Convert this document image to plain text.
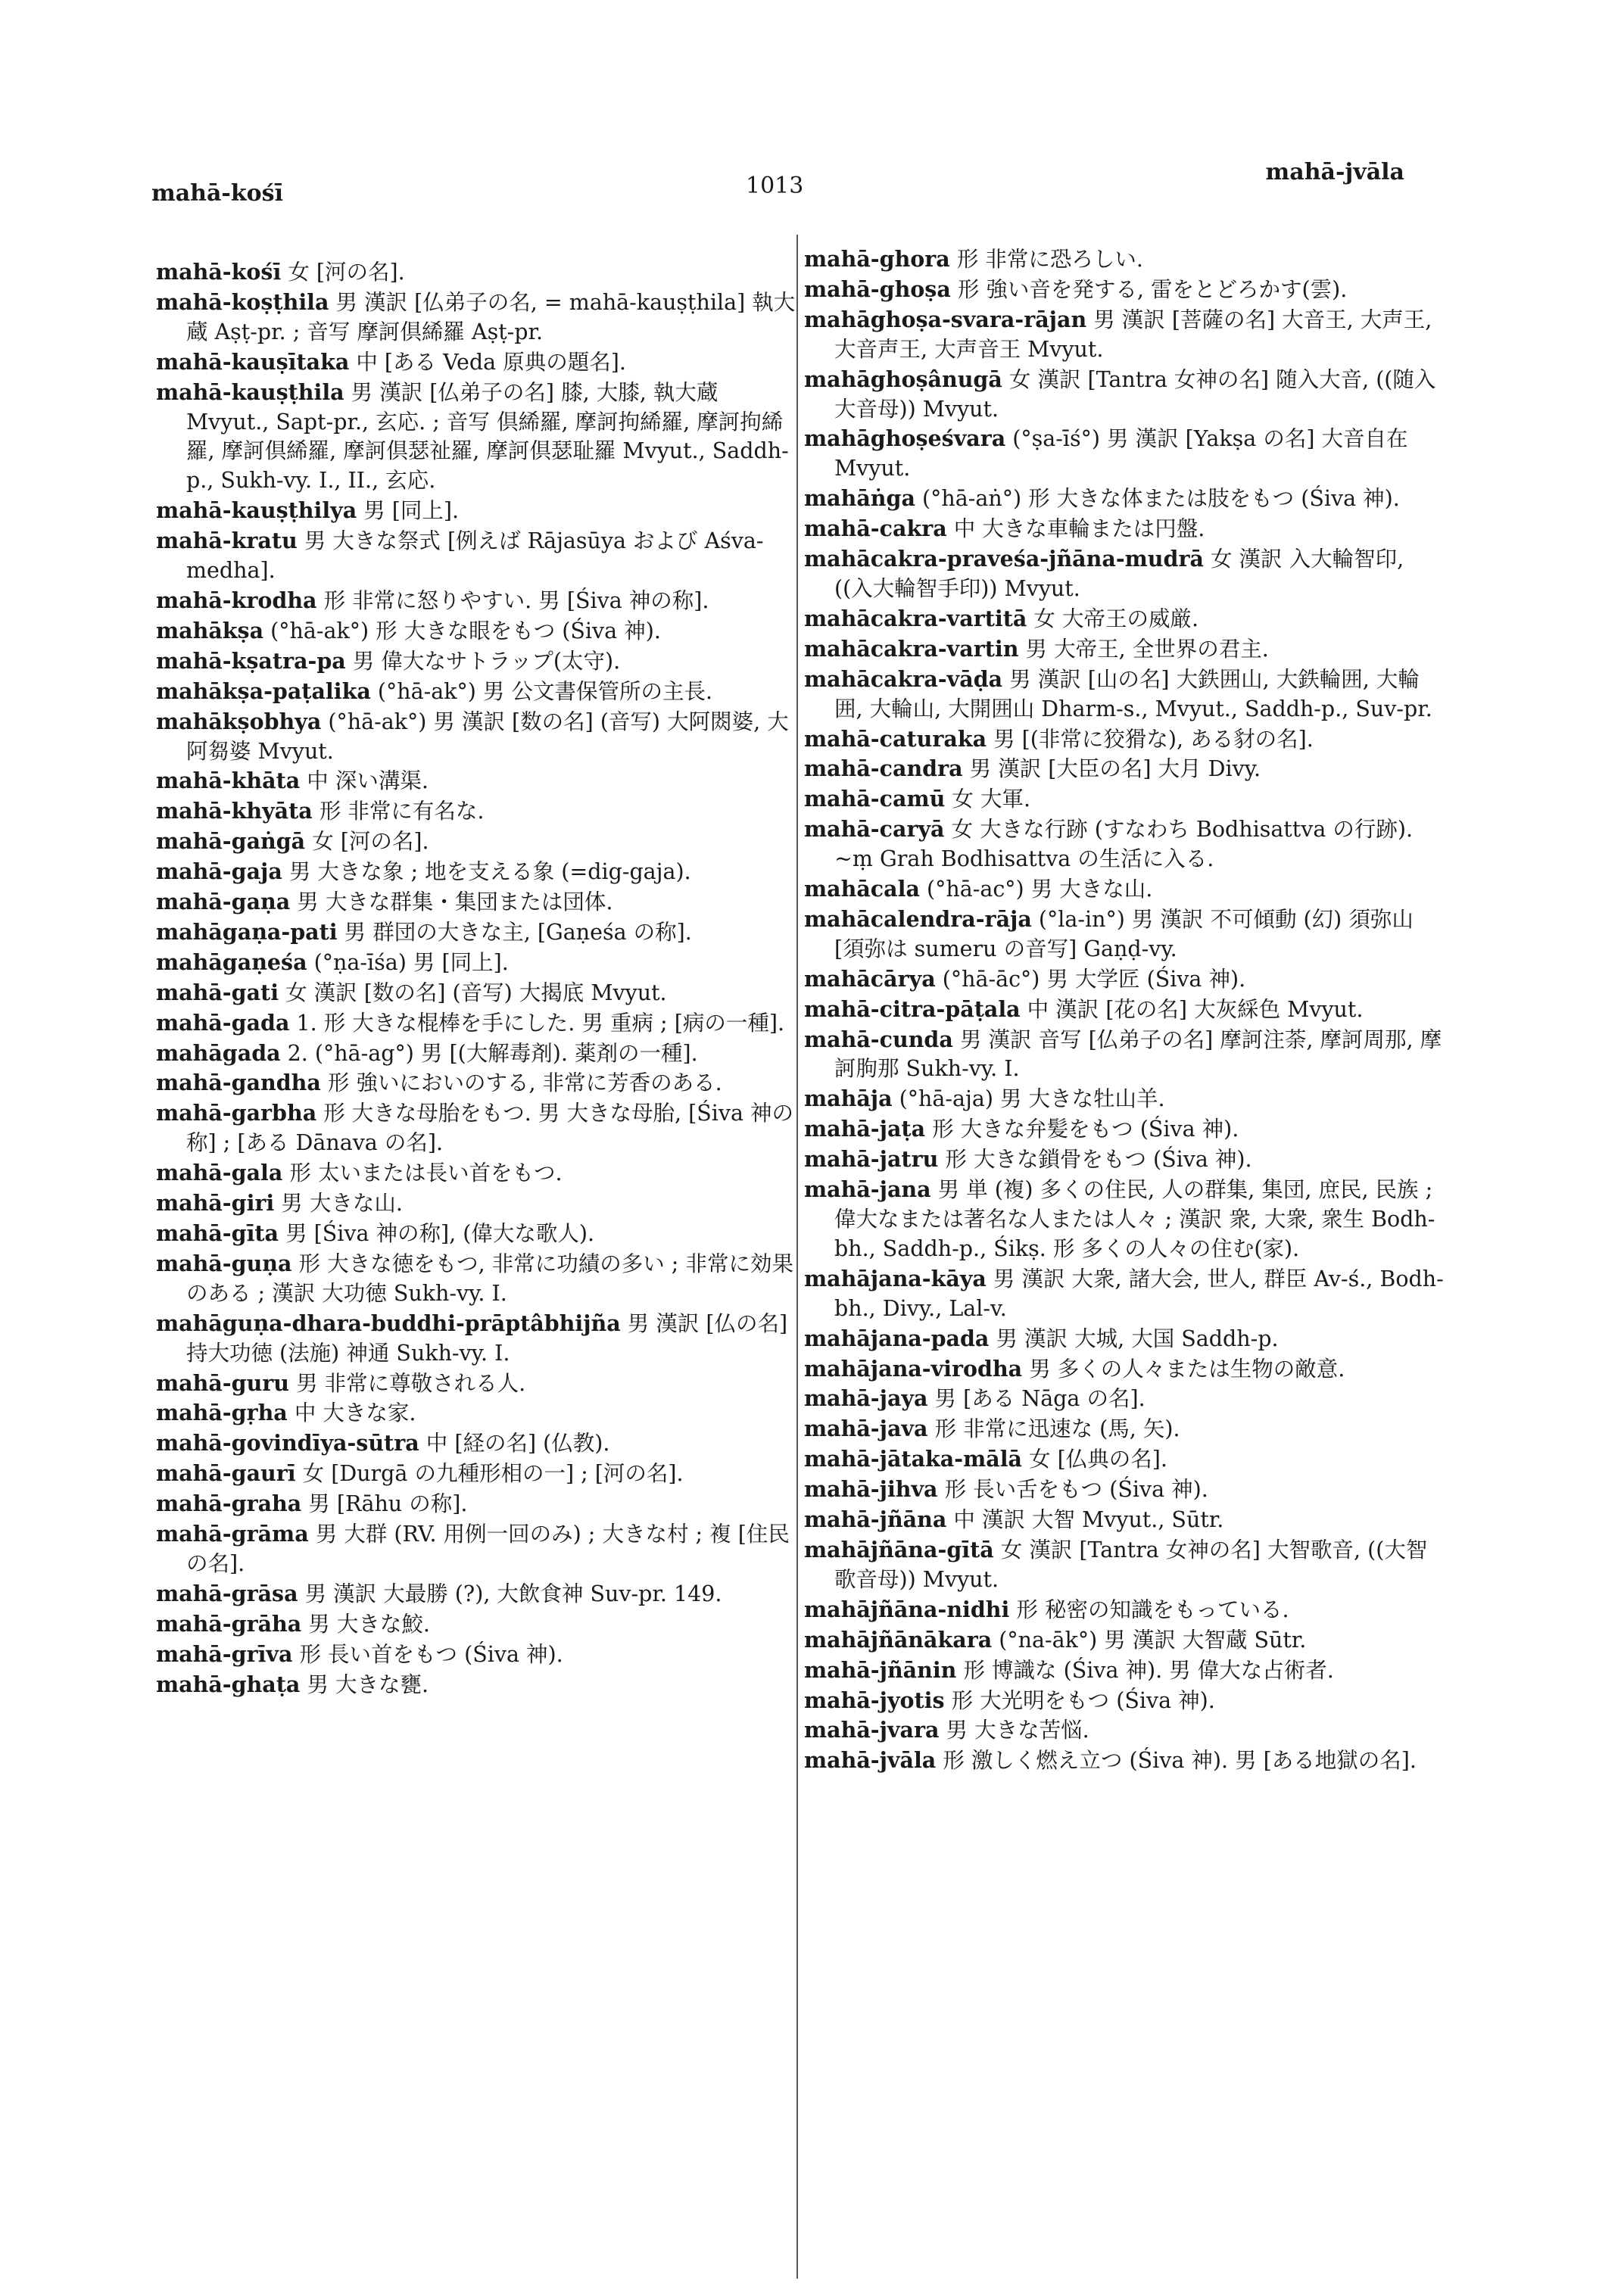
mahā-kośī	1013
mahā-jvāla

mahā-kośī 女 [河の名].

mahā-koṣṭhila 男 漢訳 [仏弟子の名, = mahā-kauṣṭhila] 執大蔵 Aṣṭ-pr. ; 音写 摩訶倶絺羅 Aṣṭ-pr.

mahā-kauṣītaka 中 [ある Veda 原典の題名].

mahā-kauṣṭhila 男 漢訳 [仏弟子の名] 膝, 大膝, 執大蔵 Mvyut., Sapt-pr., 玄応. ; 音写 倶絺羅, 摩訶拘絺羅, 摩訶拘絺羅, 摩訶倶絺羅, 摩訶倶瑟祉羅, 摩訶倶瑟耻羅 Mvyut., Saddh-p., Sukh-vy. I., II., 玄応.

mahā-kauṣṭhilya 男 [同上].

mahā-kratu 男 大きな祭式 [例えば Rājasūya および Aśva-medha].

mahā-krodha 形 非常に怒りやすい. 男 [Śiva 神の称].

mahākṣa (°hā-ak°) 形 大きな眼をもつ (Śiva 神).

mahā-kṣatra-pa 男 偉大なサトラップ(太守).

mahākṣa-paṭalika (°hā-ak°) 男 公文書保管所の主長.

mahākṣobhya (°hā-ak°) 男 漢訳 [数の名] (音写) 大阿閦婆, 大阿芻婆 Mvyut.

mahā-khāta 中 深い溝渠.

mahā-khyāta 形 非常に有名な.

mahā-gaṅgā 女 [河の名].

mahā-gaja 男 大きな象 ; 地を支える象 (=dig-gaja).

mahā-gaṇa 男 大きな群集・集団または団体.

mahāgaṇa-pati 男 群団の大きな主, [Gaṇeśa の称].

mahāgaṇeśa (°ṇa-īśa) 男 [同上].

mahā-gati 女 漢訳 [数の名] (音写) 大揭底 Mvyut.

mahā-gada 1. 形 大きな棍棒を手にした. 男 重病 ; [病の一種].

mahāgada 2. (°hā-ag°) 男 [(大解毒剤). 薬剤の一種].

mahā-gandha 形 強いにおいのする, 非常に芳香のある.

mahā-garbha 形 大きな母胎をもつ. 男 大きな母胎, [Śiva 神の称] ; [ある Dānava の名].

mahā-gala 形 太いまたは長い首をもつ.

mahā-giri 男 大きな山.

mahā-gīta 男 [Śiva 神の称], (偉大な歌人).

mahā-guṇa 形 大きな徳をもつ, 非常に功績の多い ; 非常に効果のある ; 漢訳 大功徳 Sukh-vy. I.

mahāguṇa-dhara-buddhi-prāptâbhijña 男 漢訳 [仏の名] 持大功徳 (法施) 神通 Sukh-vy. I.

mahā-guru 男 非常に尊敬される人.

mahā-gṛha 中 大きな家.

mahā-govindīya-sūtra 中 [経の名] (仏教).

mahā-gaurī 女 [Durgā の九種形相の一] ; [河の名].

mahā-graha 男 [Rāhu の称].

mahā-grāma 男 大群 (RV. 用例一回のみ) ; 大きな村 ; 複 [住民の名].

mahā-grāsa 男 漢訳 大最勝 (?), 大飲食神 Suv-pr. 149.

mahā-grāha 男 大きな鮫.

mahā-grīva 形 長い首をもつ (Śiva 神).

mahā-ghaṭa 男 大きな甕.

mahā-ghora 形 非常に恐ろしい.

mahā-ghoṣa 形 強い音を発する, 雷をとどろかす(雲).

mahāghoṣa-svara-rājan 男 漢訳 [菩薩の名] 大音王, 大声王, 大音声王, 大声音王 Mvyut.

mahāghoṣânugā 女 漢訳 [Tantra 女神の名] 随入大音, ((随入大音母)) Mvyut.

mahāghoṣeśvara (°ṣa-īś°) 男 漢訳 [Yakṣa の名] 大音自在 Mvyut.

mahāṅga (°hā-aṅ°) 形 大きな体または肢をもつ (Śiva 神).

mahā-cakra 中 大きな車輪または円盤.

mahācakra-praveśa-jñāna-mudrā 女 漢訳 入大輪智印, ((入大輪智手印)) Mvyut.

mahācakra-vartitā 女 大帝王の威厳.

mahācakra-vartin 男 大帝王, 全世界の君主.

mahācakra-vāḍa 男 漢訳 [山の名] 大鉄囲山, 大鉄輪囲, 大輪囲, 大輪山, 大開囲山 Dharm-s., Mvyut., Saddh-p., Suv-pr.

mahā-caturaka 男 [(非常に狡猾な), ある豺の名].

mahā-candra 男 漢訳 [大臣の名] 大月 Divy.

mahā-camū 女 大軍.

mahā-caryā 女 大きな行跡 (すなわち Bodhisattva の行跡). ~ṃ Grah Bodhisattva の生活に入る.

mahācala (°hā-ac°) 男 大きな山.

mahācalendra-rāja (°la-in°) 男 漢訳 不可傾動 (幻) 須弥山 [須弥は sumeru の音写] Gaṇḍ-vy.

mahācārya (°hā-āc°) 男 大学匠 (Śiva 神).

mahā-citra-pāṭala 中 漢訳 [花の名] 大灰綵色 Mvyut.

mahā-cunda 男 漢訳 音写 [仏弟子の名] 摩訶注荼, 摩訶周那, 摩訶朐那 Sukh-vy. I.

mahāja (°hā-aja) 男 大きな牡山羊.

mahā-jaṭa 形 大きな弁髪をもつ (Śiva 神).

mahā-jatru 形 大きな鎖骨をもつ (Śiva 神).

mahā-jana 男 単 (複) 多くの住民, 人の群集, 集団, 庶民, 民族 ; 偉大なまたは著名な人または人々 ; 漢訳 衆, 大衆, 衆生 Bodh-bh., Saddh-p., Śikṣ. 形 多くの人々の住む(家).

mahājana-kāya 男 漢訳 大衆, 諸大会, 世人, 群臣 Av-ś., Bodh-bh., Divy., Lal-v.

mahājana-pada 男 漢訳 大城, 大国 Saddh-p.

mahājana-virodha 男 多くの人々または生物の敵意.

mahā-jaya 男 [ある Nāga の名].

mahā-java 形 非常に迅速な (馬, 矢).

mahā-jātaka-mālā 女 [仏典の名].

mahā-jihva 形 長い舌をもつ (Śiva 神).

mahā-jñāna 中 漢訳 大智 Mvyut., Sūtr.

mahājñāna-gītā 女 漢訳 [Tantra 女神の名] 大智歌音, ((大智歌音母)) Mvyut.

mahājñāna-nidhi 形 秘密の知識をもっている.

mahājñānākara (°na-āk°) 男 漢訳 大智蔵 Sūtr.

mahā-jñānin 形 博識な (Śiva 神). 男 偉大な占術者.

mahā-jyotis 形 大光明をもつ (Śiva 神).

mahā-jvara 男 大きな苦悩.

mahā-jvāla 形 激しく燃え立つ (Śiva 神). 男 [ある地獄の名].
